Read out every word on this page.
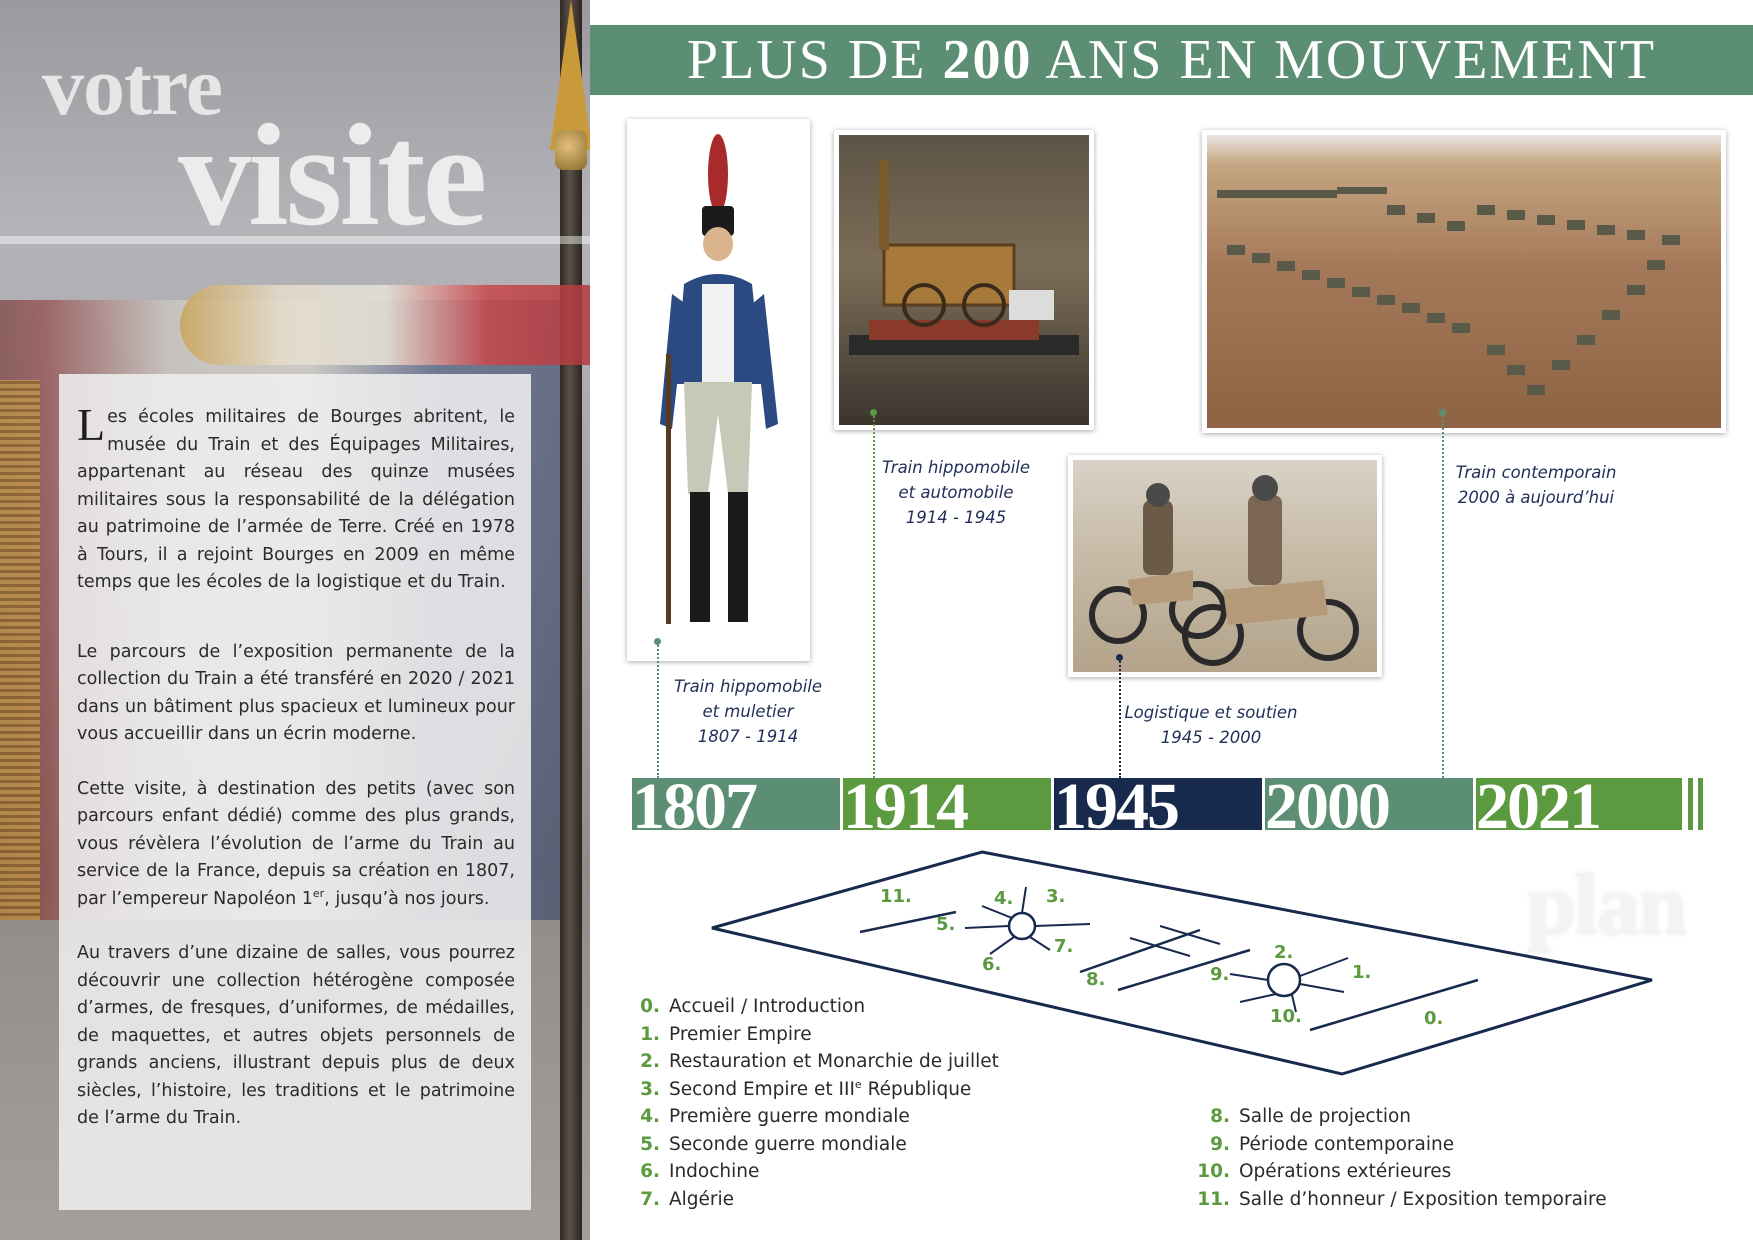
votre
visite

Les écoles militaires de Bourges abritent, le musée du Train et des Équipages Militaires, appartenant au réseau des quinze musées militaires sous la responsabilité de la délégation au patrimoine de l’armée de Terre. Créé en 1978 à Tours, il a rejoint Bourges en 2009 en même temps que les écoles de la logistique et du Train.

Le parcours de l’exposition permanente de la collection du Train a été transféré en 2020 / 2021 dans un bâtiment plus spacieux et lumineux pour vous accueillir dans un écrin moderne.

Cette visite, à destination des petits (avec son parcours enfant dédié) comme des plus grands, vous révèlera l’évolution de l’arme du Train au service de la France, depuis sa création en 1807, par l’empereur Napoléon 1er, jusqu’à nos jours.

Au travers d’une dizaine de salles, vous pourrez découvrir une collection hétérogène composée d’armes, de fresques, d’uniformes, de médailles, de maquettes, et autres objets personnels de grands anciens, illustrant depuis plus de deux siècles, l’histoire, les traditions et le patrimoine de l’arme du Train.

PLUS DE 200 ANS EN MOUVEMENT
Train hippomobile
et muletier
1807 - 1914
Train hippomobile
et automobile
1914 - 1945
Logistique et soutien
1945 - 2000
Train contemporain
2000 à aujourd’hui
1807 1914 1945 2000 2021
plan
11.	4. 3.
5.
7.
6.
8.
2.
9.	1.
10.	0.
0. Accueil / Introduction
1. Premier Empire
2. Restauration et Monarchie de juillet
3. Second Empire et IIIe République
4. Première guerre mondiale
5. Seconde guerre mondiale
6. Indochine
7. Algérie
8. Salle de projection
9. Période contemporaine
10. Opérations extérieures
11. Salle d’honneur / Exposition temporaire
